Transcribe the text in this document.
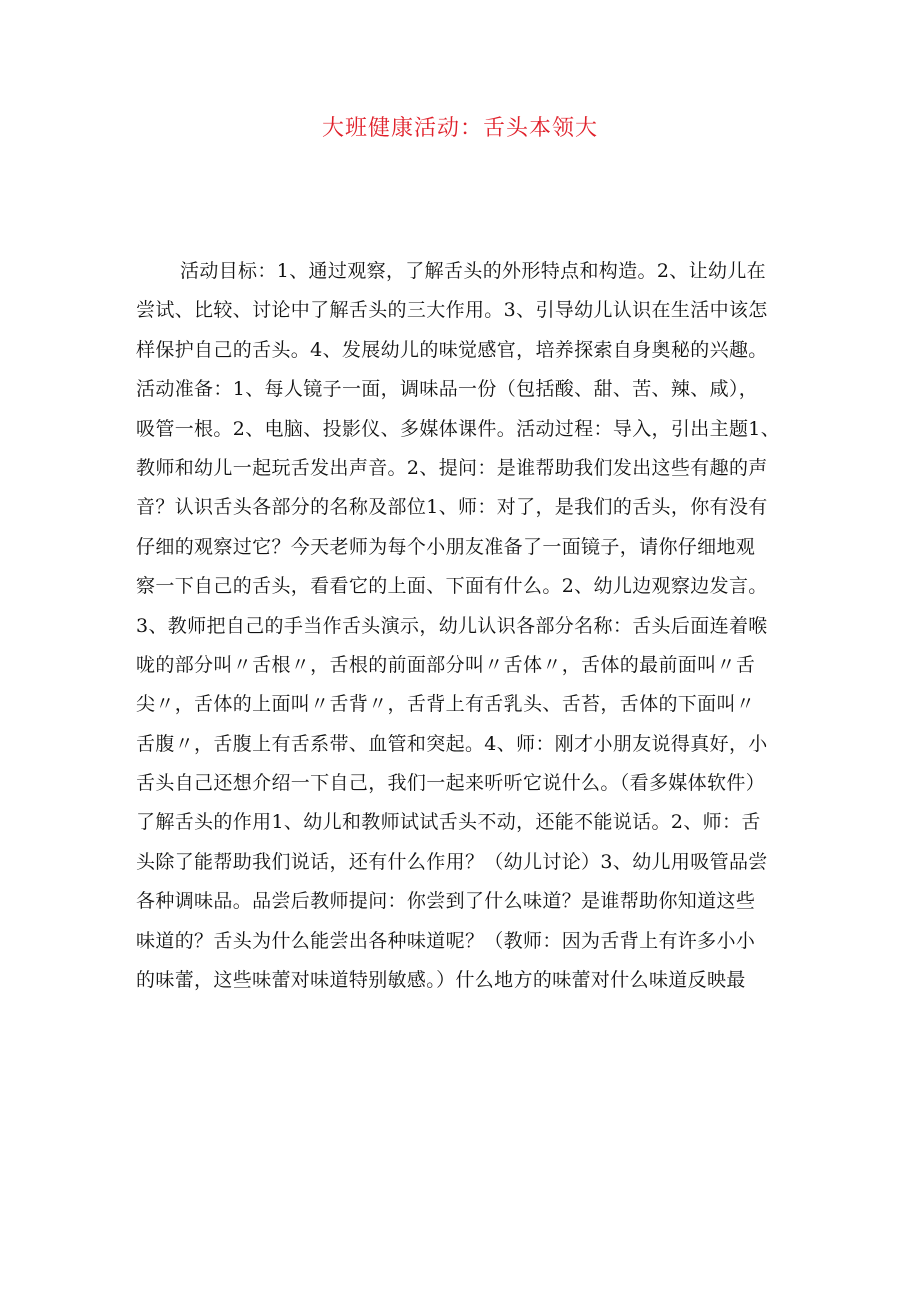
大班健康活动：舌头本领大
活动目标：1、通过观察，了解舌头的外形特点和构造。2、让幼儿在
尝试、比较、讨论中了解舌头的三大作用。3、引导幼儿认识在生活中该怎
样保护自己的舌头。4、发展幼儿的味觉感官，培养探索自身奥秘的兴趣。
活动准备：1、每人镜子一面，调味品一份（包括酸、甜、苦、辣、咸），
吸管一根。2、电脑、投影仪、多媒体课件。活动过程：导入，引出主题1、
教师和幼儿一起玩舌发出声音。2、提问：是谁帮助我们发出这些有趣的声
音？认识舌头各部分的名称及部位1、师：对了，是我们的舌头，你有没有
仔细的观察过它？今天老师为每个小朋友准备了一面镜子，请你仔细地观
察一下自己的舌头，看看它的上面、下面有什么。2、幼儿边观察边发言。
3、教师把自己的手当作舌头演示，幼儿认识各部分名称：舌头后面连着喉
咙的部分叫〃舌根〃，舌根的前面部分叫〃舌体〃，舌体的最前面叫〃舌
尖〃，舌体的上面叫〃舌背〃，舌背上有舌乳头、舌苔，舌体的下面叫〃
舌腹〃，舌腹上有舌系带、血管和突起。4、师：刚才小朋友说得真好，小
舌头自己还想介绍一下自己，我们一起来听听它说什么。（看多媒体软件）
了解舌头的作用1、幼儿和教师试试舌头不动，还能不能说话。2、师：舌
头除了能帮助我们说话，还有什么作用？（幼儿讨论）3、幼儿用吸管品尝
各种调味品。品尝后教师提问：你尝到了什么味道？是谁帮助你知道这些
味道的？舌头为什么能尝出各种味道呢？（教师：因为舌背上有许多小小
的味蕾，这些味蕾对味道特别敏感。）什么地方的味蕾对什么味道反映最
